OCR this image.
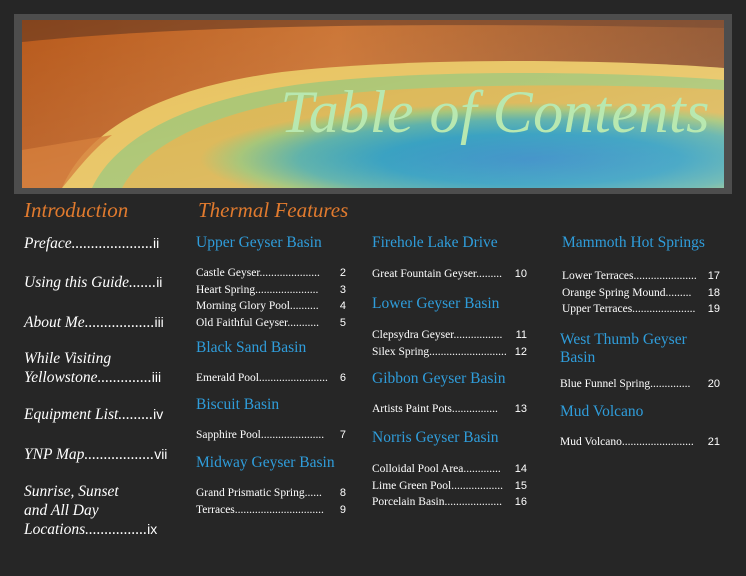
Table of Contents
Introduction
Preface.....................ii
Using this Guide.......ii
About Me..................iii
While Visiting
Yellowstone..............iii
Equipment List.........iv
YNP Map..................vii
Sunrise, Sunset
and All Day
Locations................ix
Thermal Features
Upper Geyser Basin
Castle Geyser.....................	2
Heart Spring......................	3
Morning Glory Pool..........	4
Old Faithful Geyser...........	5
Black Sand Basin
Emerald Pool........................	6
Biscuit Basin
Sapphire Pool......................	7
Midway Geyser Basin
Grand Prismatic Spring......	8
Terraces...............................	9
Firehole Lake Drive
Great Fountain Geyser.........	10
Lower Geyser Basin
Clepsydra Geyser.................	11
Silex Spring........................... 12
Gibbon Geyser Basin
Artists Paint Pots................	13
Norris Geyser Basin
Colloidal Pool Area.............	14
Lime Green Pool..................	15
Porcelain Basin....................	16
Mammoth Hot Springs
Lower Terraces......................	17
Orange Spring Mound.........	18
Upper Terraces......................	19
West Thumb Geyser
Basin
Blue Funnel Spring..............	20
Mud Volcano
Mud Volcano.........................	21
